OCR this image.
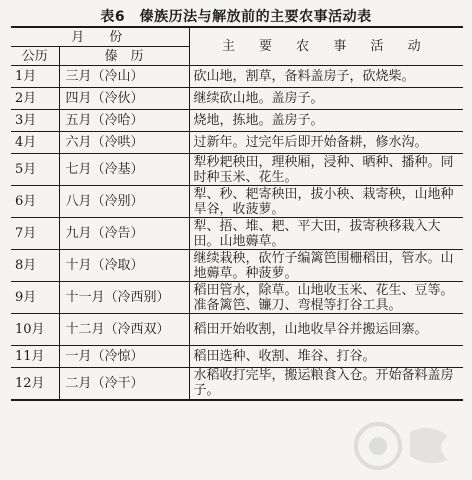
表6　傣族历法与解放前的主要农事活动表
月　份		主 要 农 事 活 动
公历	傣　历	
1月	三月（冷山）	砍山地，割草，备料盖房子，砍烧柴。
2月	四月（冷伙）	继续砍山地。盖房子。
3月	五月（冷哈）	烧地，拣地。盖房子。
4月	六月（冷哄）	过新年。过完年后即开始备耕，修水沟。
5月	七月（冷基）	犁秒耙秧田，理秧厢，浸种、晒种、播种。同时种玉米、花生。
6月	八月（冷别）	犁、秒、耙寄秧田，拔小秧、栽寄秧，山地种旱谷，收菠萝。
7月	九月（冷告）	犁、捂、堆、耙、平大田，拔寄秧移栽入大田。山地薅草。
8月	十月（冷取）	继续栽秧，砍竹子编篱笆围栅稻田，管水。山地薅草。种菠萝。
9月	十一月（冷西别）	稻田管水，除草。山地收玉米、花生、豆等。准备篱笆、镰刀、弯棍等打谷工具。
10月	十二月（冷西双）	稻田开始收割，山地收旱谷并搬运回寨。
11月	一月（冷惊）	稻田选种、收割、堆谷、打谷。
12月	二月（冷干）	水稻收打完毕，搬运粮食入仓。开始备料盖房子。
